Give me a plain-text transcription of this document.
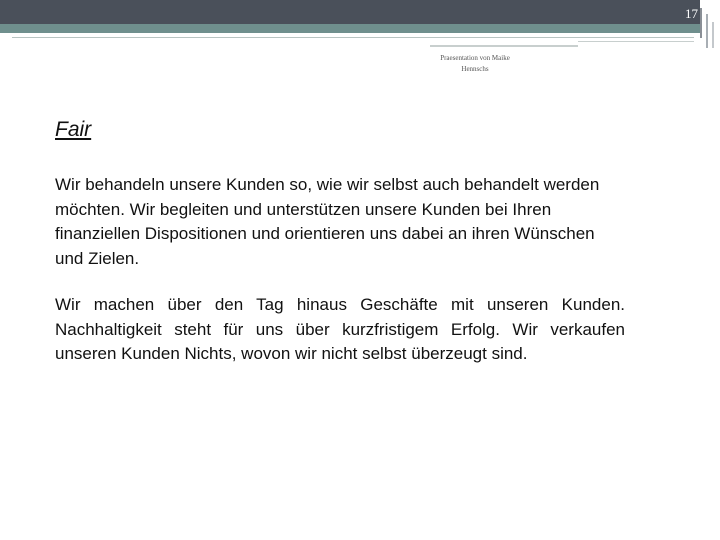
17
Praesentation von Maike
Hennschs
Fair
Wir behandeln unsere Kunden so, wie wir selbst auch behandelt werden möchten. Wir begleiten und unterstützen unsere Kunden bei Ihren finanziellen Dispositionen und orientieren uns dabei an ihren Wünschen und Zielen.
Wir machen über den Tag hinaus Geschäfte mit unseren Kunden. Nachhaltigkeit steht für uns über kurzfristigem Erfolg. Wir verkaufen unseren Kunden Nichts, wovon wir nicht selbst überzeugt sind.
